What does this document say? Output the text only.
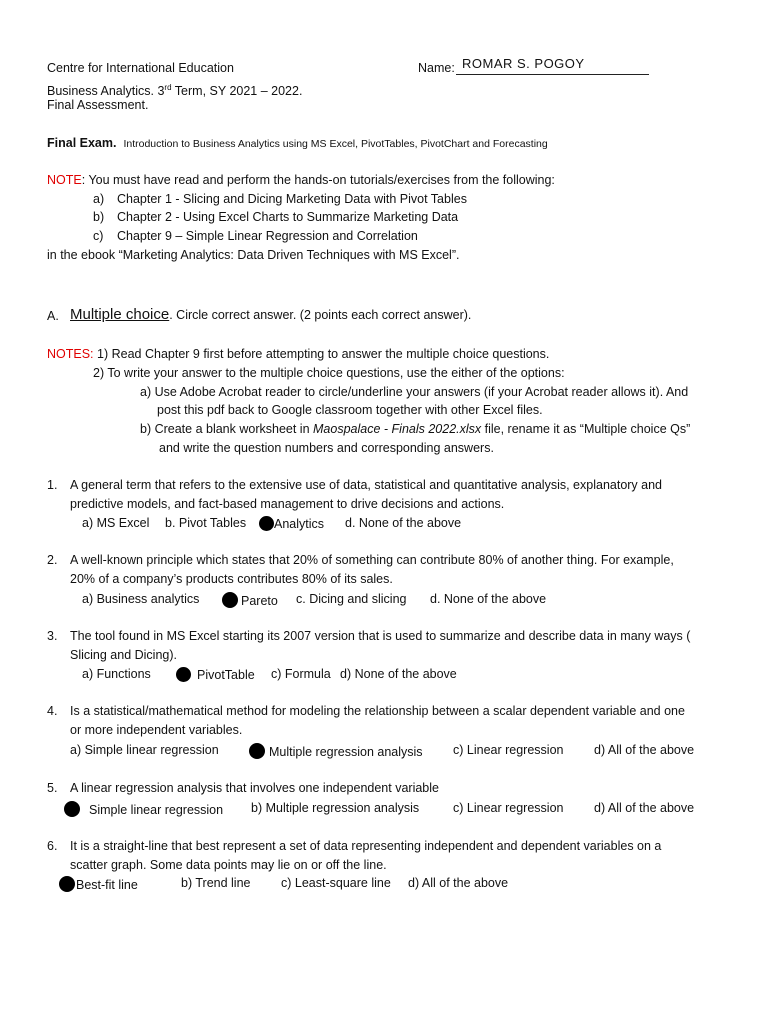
Centre for International Education
Business Analytics. 3rd Term, SY 2021 – 2022.
Final Assessment.
Name: ROMAR S. POGOY
Final Exam. Introduction to Business Analytics using MS Excel, PivotTables, PivotChart and Forecasting
NOTE: You must have read and perform the hands-on tutorials/exercises from the following:
a) Chapter 1 - Slicing and Dicing Marketing Data with Pivot Tables
b) Chapter 2 - Using Excel Charts to Summarize Marketing Data
c) Chapter 9 – Simple Linear Regression and Correlation
in the ebook “Marketing Analytics: Data Driven Techniques with MS Excel”.
A. Multiple choice. Circle correct answer. (2 points each correct answer).
NOTES: 1) Read Chapter 9 first before attempting to answer the multiple choice questions.
2) To write your answer to the multiple choice questions, use the either of the options:
a) Use Adobe Acrobat reader to circle/underline your answers (if your Acrobat reader allows it). And
post this pdf back to Google classroom together with other Excel files.
b) Create a blank worksheet in Maospalace - Finals 2022.xlsx file, rename it as “Multiple choice Qs”
and write the question numbers and corresponding answers.
1. A general term that refers to the extensive use of data, statistical and quantitative analysis, explanatory and
predictive models, and fact-based management to drive decisions and actions.
a) MS Excel b. Pivot Tables	Analytics d. None of the above
2. A well-known principle which states that 20% of something can contribute 80% of another thing. For example,
20% of a company’s products contributes 80% of its sales.
a) Business analytics	Pareto c. Dicing and slicing d. None of the above
3. The tool found in MS Excel starting its 2007 version that is used to summarize and describe data in many ways (
Slicing and Dicing).
a) Functions	PivotTable c) Formula d) None of the above
4. Is a statistical/mathematical method for modeling the relationship between a scalar dependent variable and one
or more independent variables.
a) Simple linear regression	Multiple regression analysis c) Linear regression d) All of the above
5. A linear regression analysis that involves one independent variable
Simple linear regression b) Multiple regression analysis	c) Linear regression d) All of the above
6. It is a straight-line that best represent a set of data representing independent and dependent variables on a
scatter graph. Some data points may lie on or off the line.
Best-fit line	b) Trend line c) Least-square line d) All of the above
